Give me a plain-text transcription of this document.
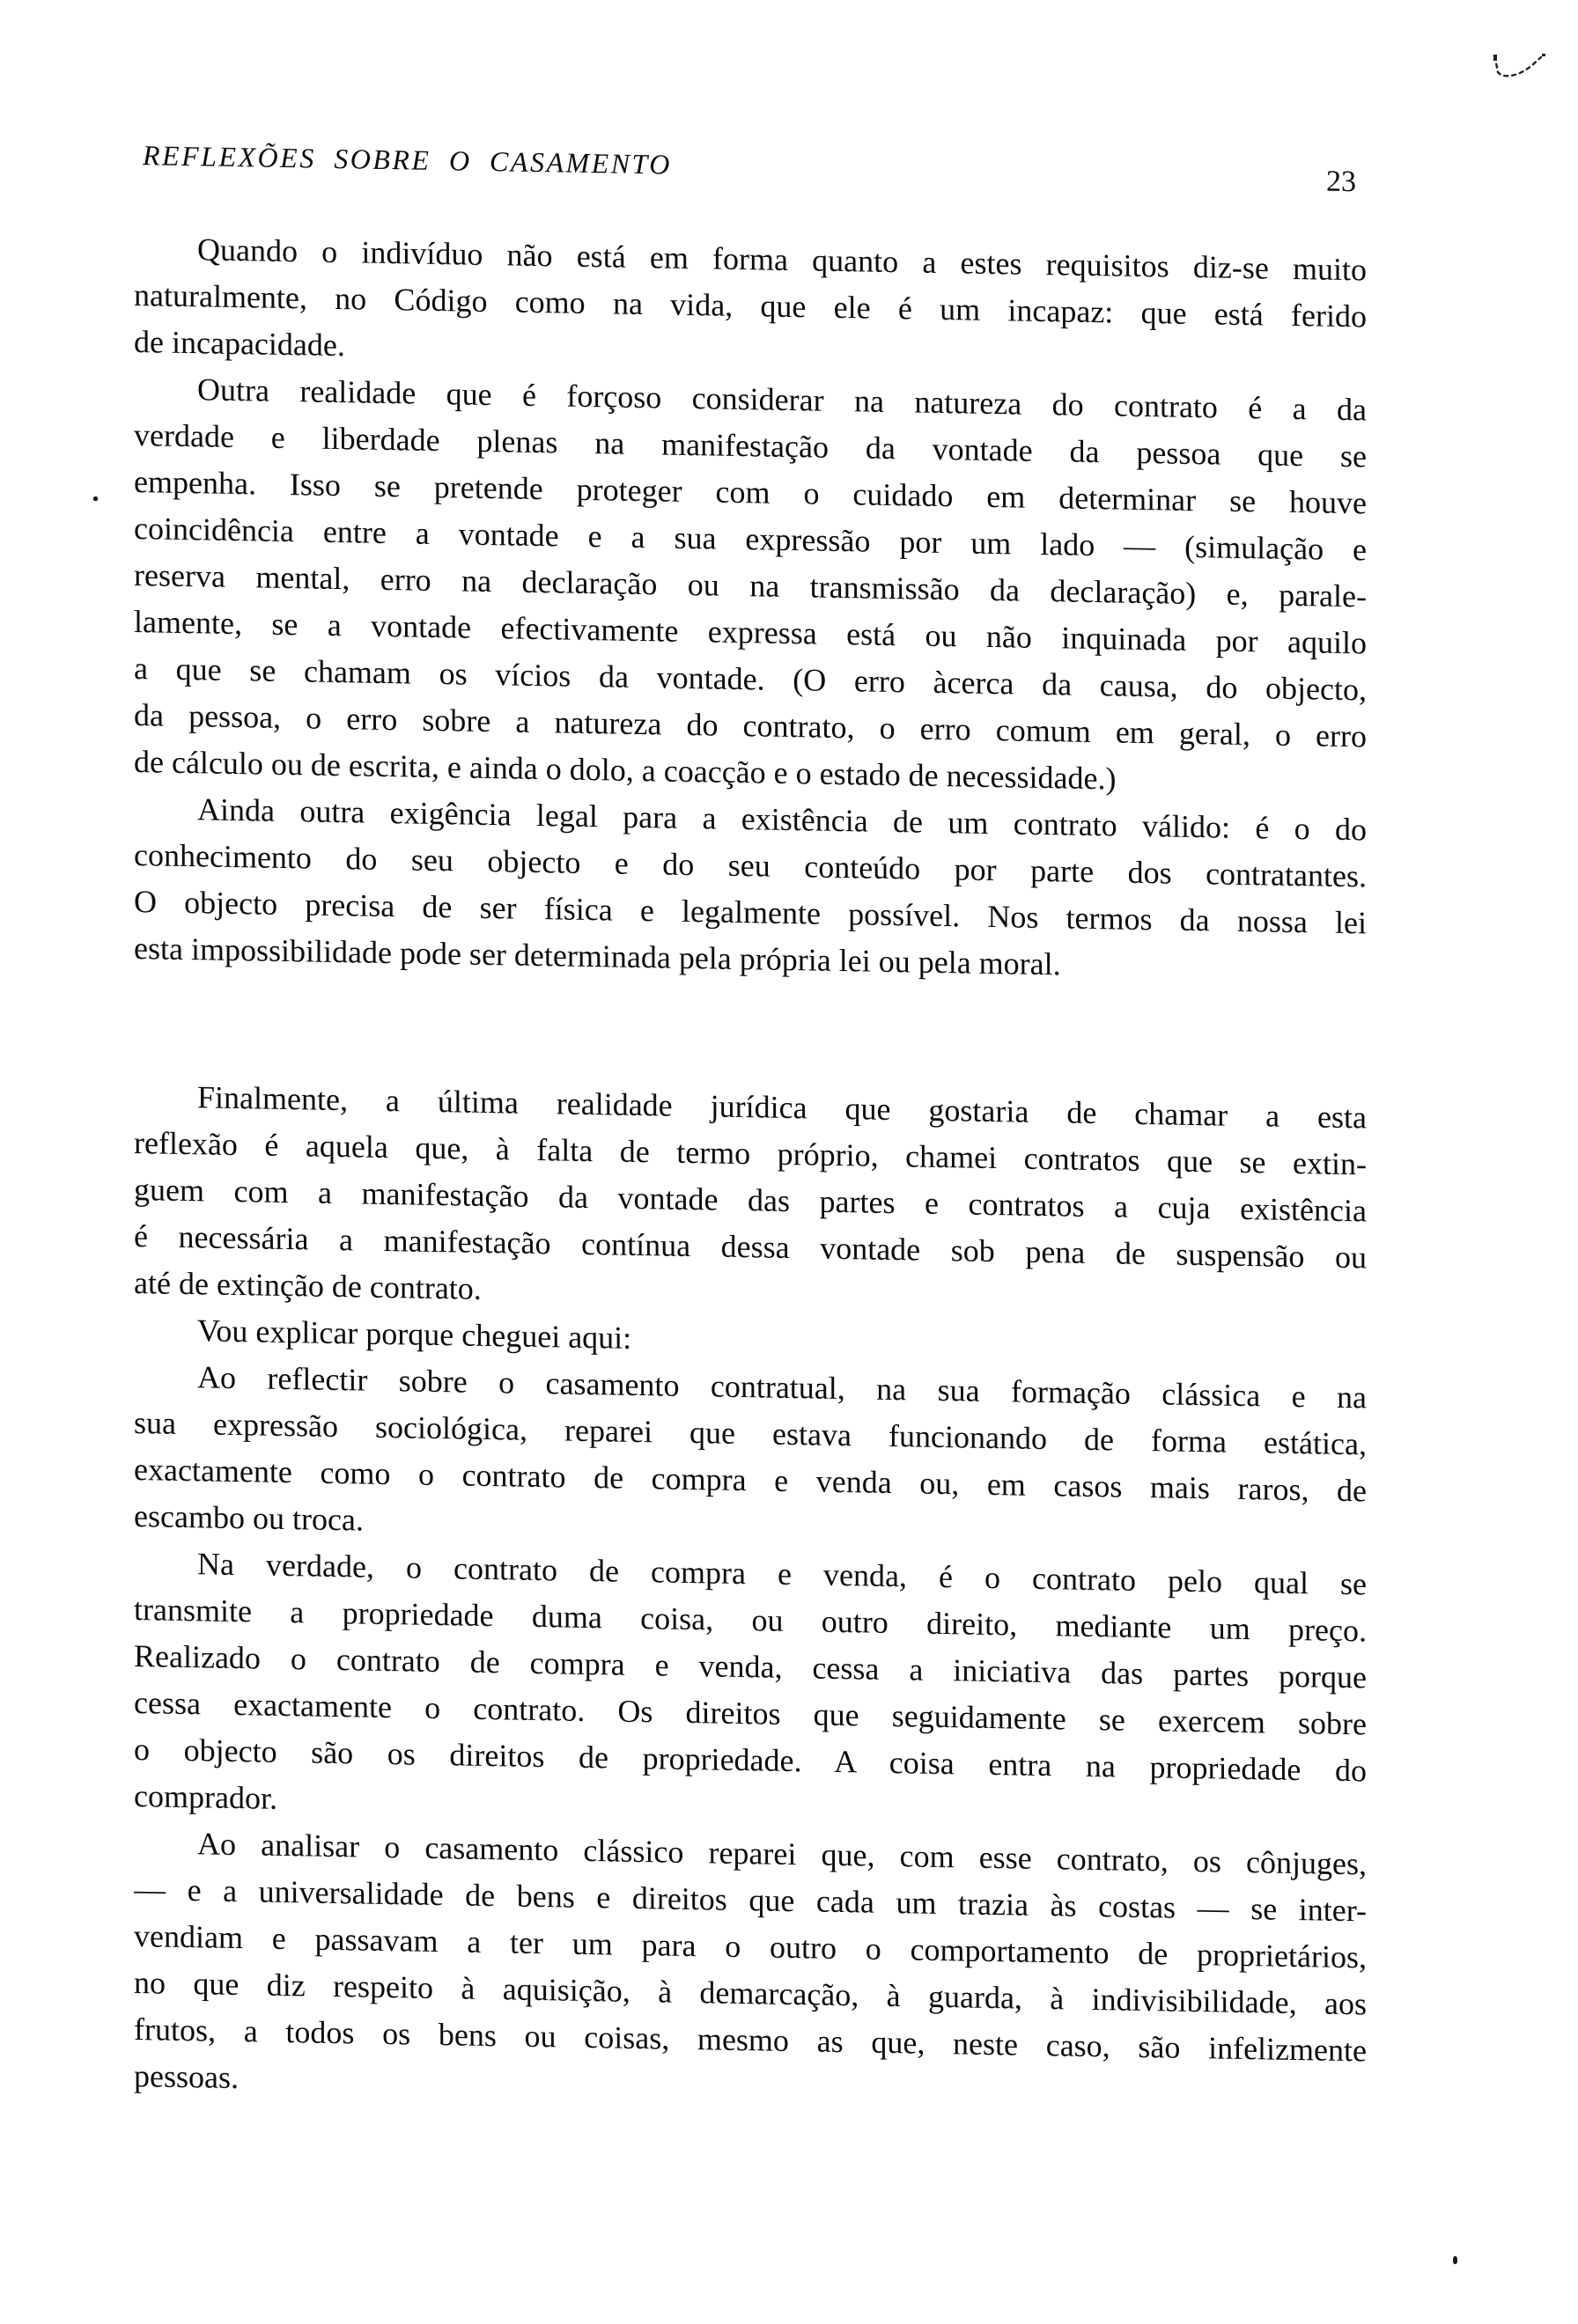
REFLEXÕES SOBRE O CASAMENTO
23
Quando o indivíduo não está em forma quanto a estes requisitos diz-se muito
naturalmente, no Código como na vida, que ele é um incapaz: que está ferido
de incapacidade.
Outra realidade que é forçoso considerar na natureza do contrato é a da
verdade e liberdade plenas na manifestação da vontade da pessoa que se
empenha. Isso se pretende proteger com o cuidado em determinar se houve
coincidência entre a vontade e a sua expressão por um lado — (simulação e
reserva mental, erro na declaração ou na transmissão da declaração) e, parale-
lamente, se a vontade efectivamente expressa está ou não inquinada por aquilo
a que se chamam os vícios da vontade. (O erro àcerca da causa, do objecto,
da pessoa, o erro sobre a natureza do contrato, o erro comum em geral, o erro
de cálculo ou de escrita, e ainda o dolo, a coacção e o estado de necessidade.)
Ainda outra exigência legal para a existência de um contrato válido: é o do
conhecimento do seu objecto e do seu conteúdo por parte dos contratantes.
O objecto precisa de ser física e legalmente possível. Nos termos da nossa lei
esta impossibilidade pode ser determinada pela própria lei ou pela moral.
Finalmente, a última realidade jurídica que gostaria de chamar a esta
reflexão é aquela que, à falta de termo próprio, chamei contratos que se extin-
guem com a manifestação da vontade das partes e contratos a cuja existência
é necessária a manifestação contínua dessa vontade sob pena de suspensão ou
até de extinção de contrato.
Vou explicar porque cheguei aqui:
Ao reflectir sobre o casamento contratual, na sua formação clássica e na
sua expressão sociológica, reparei que estava funcionando de forma estática,
exactamente como o contrato de compra e venda ou, em casos mais raros, de
escambo ou troca.
Na verdade, o contrato de compra e venda, é o contrato pelo qual se
transmite a propriedade duma coisa, ou outro direito, mediante um preço.
Realizado o contrato de compra e venda, cessa a iniciativa das partes porque
cessa exactamente o contrato. Os direitos que seguidamente se exercem sobre
o objecto são os direitos de propriedade. A coisa entra na propriedade do
comprador.
Ao analisar o casamento clássico reparei que, com esse contrato, os cônjuges,
— e a universalidade de bens e direitos que cada um trazia às costas — se inter-
vendiam e passavam a ter um para o outro o comportamento de proprietários,
no que diz respeito à aquisição, à demarcação, à guarda, à indivisibilidade, aos
frutos, a todos os bens ou coisas, mesmo as que, neste caso, são infelizmente
pessoas.
